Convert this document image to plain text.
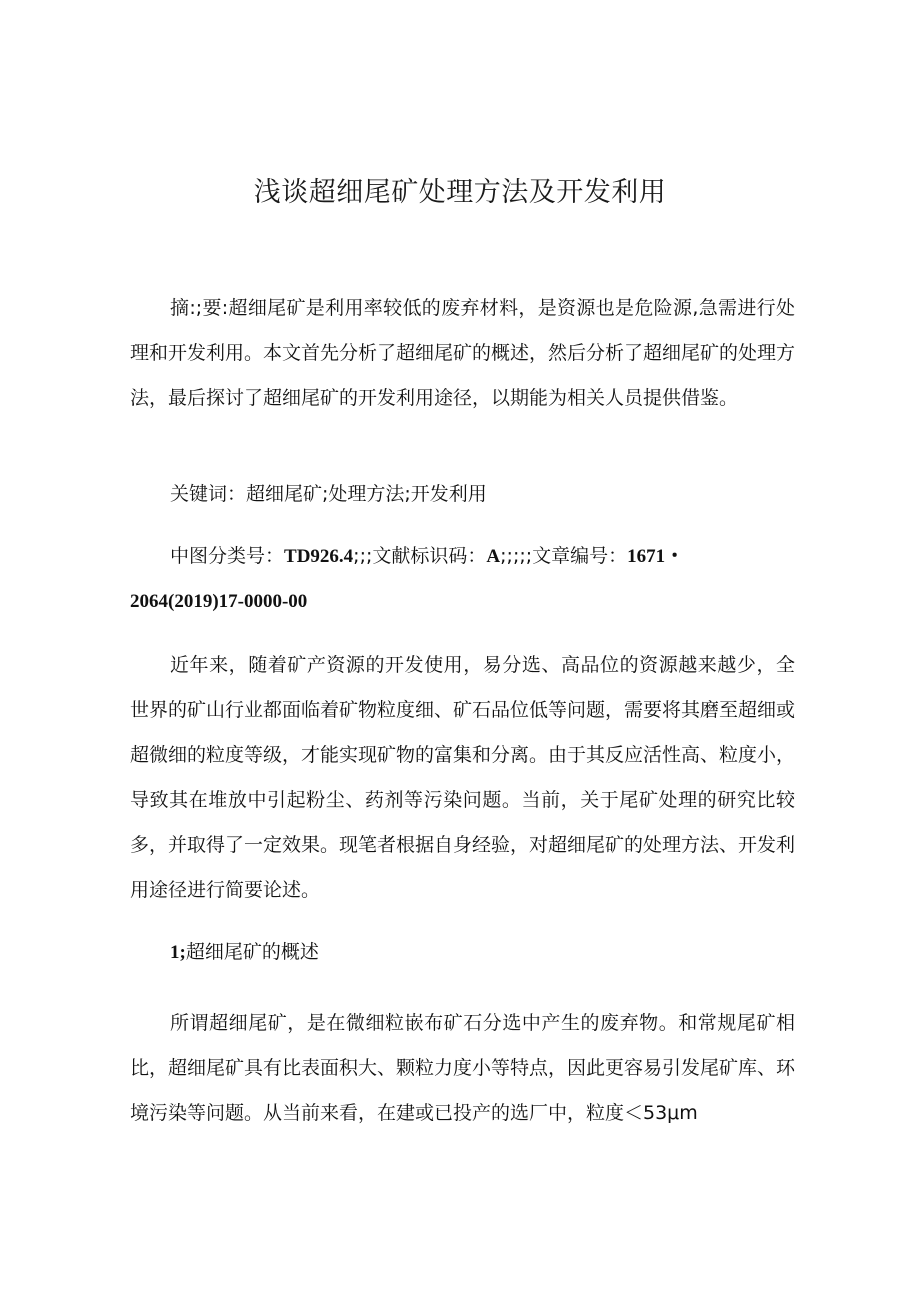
浅谈超细尾矿处理方法及开发利用

摘:;要:超细尾矿是利用率较低的废弃材料，是资源也是危险源,急需进行处理和开发利用。本文首先分析了超细尾矿的概述，然后分析了超细尾矿的处理方法，最后探讨了超细尾矿的开发利用途径，以期能为相关人员提供借鉴。

关键词：超细尾矿;处理方法;开发利用

中图分类号：TD926.4;;;文献标识码：A;;;;;文章编号：1671・

2064(2019)17-0000-00

近年来，随着矿产资源的开发使用，易分选、高品位的资源越来越少，全世界的矿山行业都面临着矿物粒度细、矿石品位低等问题，需要将其磨至超细或超微细的粒度等级，才能实现矿物的富集和分离。由于其反应活性高、粒度小，导致其在堆放中引起粉尘、药剂等污染问题。当前，关于尾矿处理的研究比较多，并取得了一定效果。现笔者根据自身经验，对超细尾矿的处理方法、开发利用途径进行简要论述。

1;超细尾矿的概述

所谓超细尾矿，是在微细粒嵌布矿石分选中产生的废弃物。和常规尾矿相比，超细尾矿具有比表面积大、颗粒力度小等特点，因此更容易引发尾矿库、环境污染等问题。从当前来看，在建或已投产的选厂中，粒度＜53μm
